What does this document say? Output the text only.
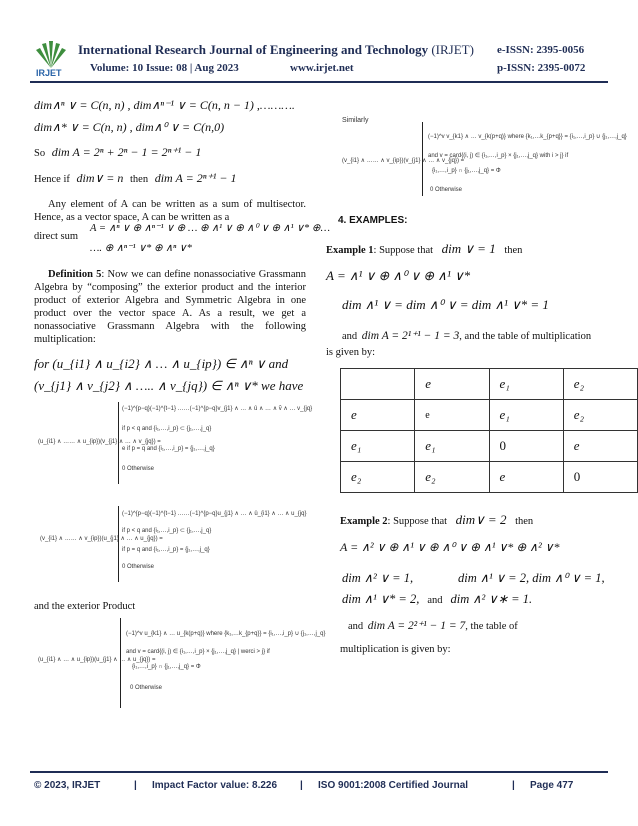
IRJET
International Research Journal of Engineering and Technology (IRJET) e-ISSN: 2395-0056
Volume: 10 Issue: 08 | Aug 2023	www.irjet.net	p-ISSN: 2395-0072
dim∧ⁿ ∨ = C(n, n) , dim∧ⁿ⁻¹ ∨ = C(n, n − 1) ,……….
dim∧* ∨ = C(n, n) , dim∧⁰ ∨ = C(n,0)
So dim A = 2ⁿ + 2ⁿ − 1 = 2ⁿ⁺¹ − 1
Hence if dim∨ = n then dim A = 2ⁿ⁺¹ − 1
Any element of A can be written as a sum of multisector. Hence, as a vector space, A can be written as a
direct sum
A = ∧ⁿ ∨ ⊕ ∧ⁿ⁻¹ ∨ ⊕ … ⊕ ∧¹ ∨ ⊕ ∧⁰ ∨ ⊕ ∧¹ ∨* ⊕…
…. ⊕ ∧ⁿ⁻¹ ∨* ⊕ ∧ⁿ ∨*
Definition 5: Now we can define nonassociative Grassmann Algebra by “composing” the exterior product and the interior product of exterior Algebra and Symmetric Algebra in one product over the vector space A. As a result, we get a nonassociative Grassmann Algebra with the following multiplication:
for (u_{i1} ∧ u_{i2} ∧ … ∧ u_{ip}) ∈ ∧ⁿ ∨ and
(v_{j1} ∧ v_{j2} ∧ ….. ∧ v_{jq}) ∈ ∧ⁿ ∨* we have
(u_{i1} ∧ …… ∧ u_{ip})(v_{j1} ∧ … ∧ v_{jq}) =
(−1)^{p−q}(−1)^{t−1} ……(−1)^{p−q}v_{j1} ∧ … ∧ û ∧ … ∧ v̂ ∧ … v_{jq}
if p < q and {i₁,…,i_p} ⊂ {j₁,…,j_q}
e if p = q and {i₁,…,i_p} = {j₁,…,j_q}
0 Otherwise
(v_{i1} ∧ …… ∧ v_{ip})(u_{j1} ∧ … ∧ u_{jq}) =
(−1)^{p−q}(−1)^{t−1} ……(−1)^{p−q}u_{j1} ∧ … ∧ û_{i1} ∧ … ∧ u_{jq}
if p < q and {i₁,…,i_p} ⊂ {j₁,…,j_q}
if p = q and {i₁,…,i_p} = {j₁,…,j_q}
0 Otherwise
and the exterior Product
(u_{i1} ∧ … ∧ u_{ip})(u_{j1} ∧ … ∧ u_{jq}) =
(−1)^v u_{k1} ∧ … u_{k(p+q)} where {k₁,…k_{p+q}} = {i₁,…,i_p} ∪ {j₁,…,j_q}
and v = card{(i, j) ∈ {i₁,…,i_p} × {j₁,…,j_q} | werci > j} if
{i₁,…,i_p} ∩ {j₁,…,j_q} = Φ
0 Otherwise
Similarly
(v_{i1} ∧ …… ∧ v_{ip})(v_{j1} ∧ … ∧ v_{jq}) =
(−1)^v v_{k1} ∧ … v_{k(p+q)} where {k₁,…k_{p+q}} = {i₁,…,i_p} ∪ {j₁,…,j_q}
and v = card{(i, j) ∈ {i₁,…,i_p} × {j₁,…,j_q} with i > j} if
{i₁,…,i_p} ∩ {j₁,…,j_q} = Φ
0 Otherwise
4. EXAMPLES:
Example 1: Suppose that dim ∨ = 1 then
A = ∧¹ ∨ ⊕ ∧⁰ ∨ ⊕ ∧¹ ∨*
dim ∧¹ ∨ = dim ∧⁰ ∨ = dim ∧¹ ∨* = 1
and dim A = 2¹⁺¹ − 1 = 3, and the table of multiplication
is given by:
	e	e₁	e₂
e	e	e₁	e₂
e₁	e₁	0	e
e₂	e₂	e	0
Example 2: Suppose that dim∨ = 2 then
A = ∧² ∨ ⊕ ∧¹ ∨ ⊕ ∧⁰ ∨ ⊕ ∧¹ ∨* ⊕ ∧² ∨*
dim ∧² ∨ = 1,	dim ∧¹ ∨ = 2, dim ∧⁰ ∨ = 1,
dim ∧¹ ∨* = 2, and dim ∧² ∨∗ = 1.
and dim A = 2²⁺¹ − 1 = 7, the table of
multiplication is given by:
© 2023, IRJET	| Impact Factor value: 8.226 | ISO 9001:2008 Certified Journal	| Page 477
